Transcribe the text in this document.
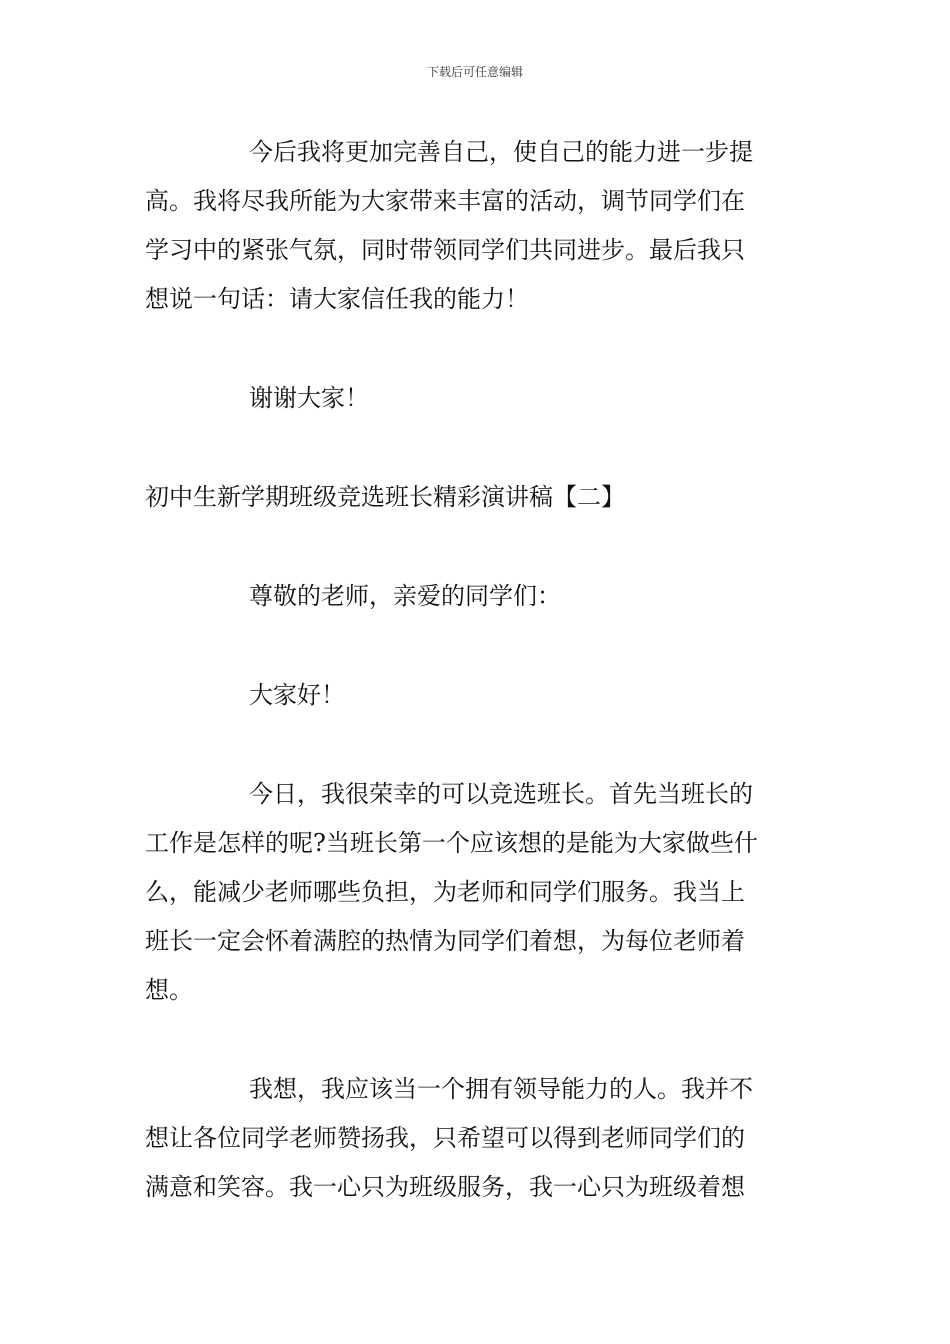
下载后可任意编辑

今后我将更加完善自己，使自己的能力进一步提
高。我将尽我所能为大家带来丰富的活动，调节同学们在
学习中的紧张气氛，同时带领同学们共同进步。最后我只
想说一句话：请大家信任我的能力！

谢谢大家！

初中生新学期班级竞选班长精彩演讲稿【二】

尊敬的老师，亲爱的同学们：

大家好！

今日，我很荣幸的可以竞选班长。首先当班长的
工作是怎样的呢?当班长第一个应该想的是能为大家做些什
么，能减少老师哪些负担，为老师和同学们服务。我当上
班长一定会怀着满腔的热情为同学们着想，为每位老师着
想。

我想，我应该当一个拥有领导能力的人。我并不
想让各位同学老师赞扬我，只希望可以得到老师同学们的
满意和笑容。我一心只为班级服务，我一心只为班级着想
